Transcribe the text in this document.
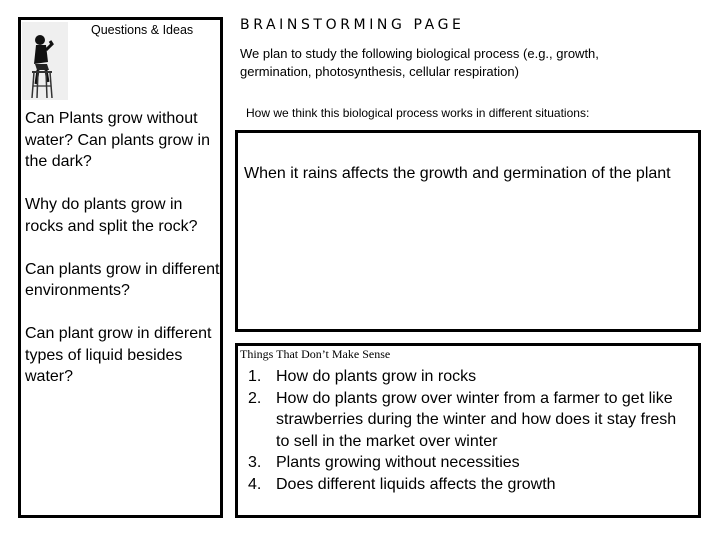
Questions & Ideas

Can Plants grow without water? Can plants grow in the dark?

Why do plants grow in rocks and split the rock?

Can plants grow in different environments?

Can plant grow in different types of liquid besides water?

BRAINSTORMING PAGE
We plan to study the following biological process (e.g., growth, germination, photosynthesis, cellular respiration)
How we think this biological process works in different situations:
When it rains affects the growth and germination of the plant
Things That Don’t Make Sense
1. How do plants grow in rocks
2. How do plants grow over winter from a farmer to get like strawberries during the winter and how does it stay fresh to sell in the market over winter
3. Plants growing without necessities
4. Does different liquids affects the growth
